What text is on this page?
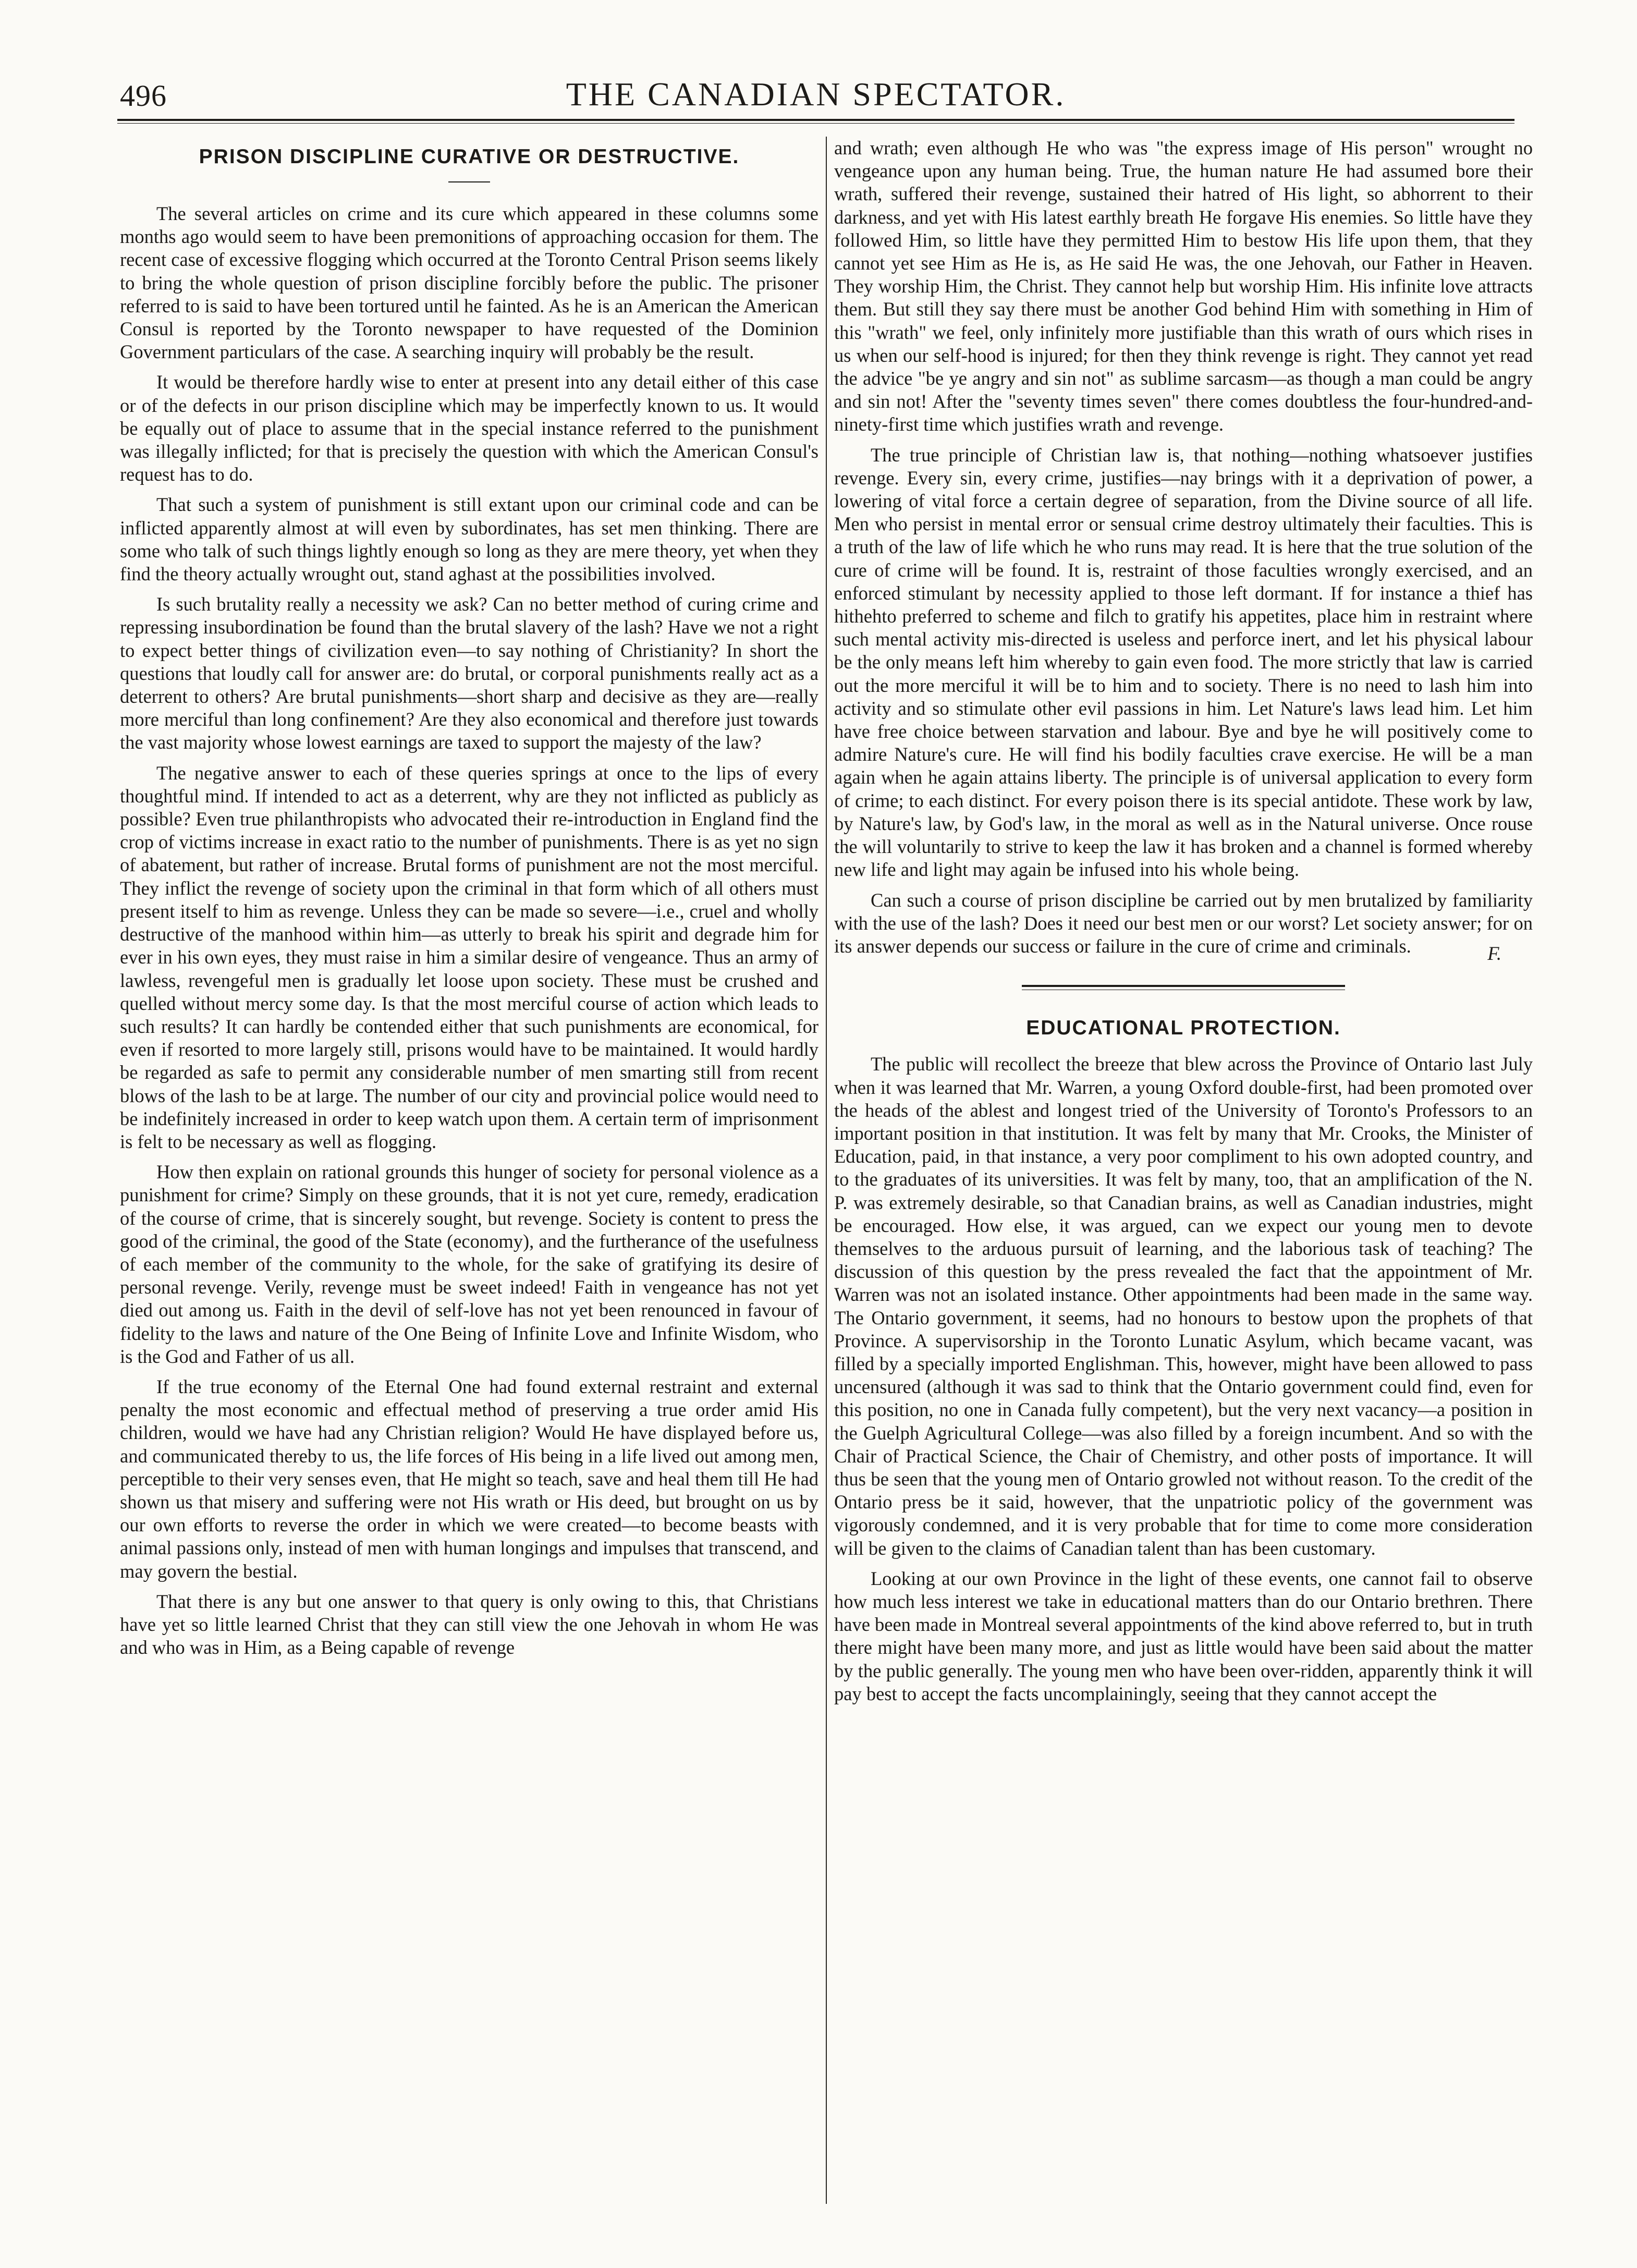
496	THE CANADIAN SPECTATOR.
PRISON DISCIPLINE CURATIVE OR DESTRUCTIVE.

The several articles on crime and its cure which appeared in these columns some months ago would seem to have been premonitions of approaching occasion for them. The recent case of excessive flogging which occurred at the Toronto Central Prison seems likely to bring the whole question of prison discipline forcibly before the public. The prisoner referred to is said to have been tortured until he fainted. As he is an American the American Consul is reported by the Toronto newspaper to have requested of the Dominion Government particulars of the case. A searching inquiry will probably be the result.

It would be therefore hardly wise to enter at present into any detail either of this case or of the defects in our prison discipline which may be imperfectly known to us. It would be equally out of place to assume that in the special instance referred to the punishment was illegally inflicted; for that is precisely the question with which the American Consul's request has to do.

That such a system of punishment is still extant upon our criminal code and can be inflicted apparently almost at will even by subordinates, has set men thinking. There are some who talk of such things lightly enough so long as they are mere theory, yet when they find the theory actually wrought out, stand aghast at the possibilities involved.

Is such brutality really a necessity we ask? Can no better method of curing crime and repressing insubordination be found than the brutal slavery of the lash? Have we not a right to expect better things of civilization even—to say nothing of Christianity? In short the questions that loudly call for answer are: do brutal, or corporal punishments really act as a deterrent to others? Are brutal punishments—short sharp and decisive as they are—really more merciful than long confinement? Are they also economical and therefore just towards the vast majority whose lowest earnings are taxed to support the majesty of the law?

The negative answer to each of these queries springs at once to the lips of every thoughtful mind. If intended to act as a deterrent, why are they not inflicted as publicly as possible? Even true philanthropists who advocated their re-introduction in England find the crop of victims increase in exact ratio to the number of punishments. There is as yet no sign of abatement, but rather of increase. Brutal forms of punishment are not the most merciful. They inflict the revenge of society upon the criminal in that form which of all others must present itself to him as revenge. Unless they can be made so severe—i.e., cruel and wholly destructive of the manhood within him—as utterly to break his spirit and degrade him for ever in his own eyes, they must raise in him a similar desire of vengeance. Thus an army of lawless, revengeful men is gradually let loose upon society. These must be crushed and quelled without mercy some day. Is that the most merciful course of action which leads to such results? It can hardly be contended either that such punishments are economical, for even if resorted to more largely still, prisons would have to be maintained. It would hardly be regarded as safe to permit any considerable number of men smarting still from recent blows of the lash to be at large. The number of our city and provincial police would need to be indefinitely increased in order to keep watch upon them. A certain term of imprisonment is felt to be necessary as well as flogging.

How then explain on rational grounds this hunger of society for personal violence as a punishment for crime? Simply on these grounds, that it is not yet cure, remedy, eradication of the course of crime, that is sincerely sought, but revenge. Society is content to press the good of the criminal, the good of the State (economy), and the furtherance of the usefulness of each member of the community to the whole, for the sake of gratifying its desire of personal revenge. Verily, revenge must be sweet indeed! Faith in vengeance has not yet died out among us. Faith in the devil of self-love has not yet been renounced in favour of fidelity to the laws and nature of the One Being of Infinite Love and Infinite Wisdom, who is the God and Father of us all.

If the true economy of the Eternal One had found external restraint and external penalty the most economic and effectual method of preserving a true order amid His children, would we have had any Christian religion? Would He have displayed before us, and communicated thereby to us, the life forces of His being in a life lived out among men, perceptible to their very senses even, that He might so teach, save and heal them till He had shown us that misery and suffering were not His wrath or His deed, but brought on us by our own efforts to reverse the order in which we were created—to become beasts with animal passions only, instead of men with human longings and impulses that transcend, and may govern the bestial.

That there is any but one answer to that query is only owing to this, that Christians have yet so little learned Christ that they can still view the one Jehovah in whom He was and who was in Him, as a Being capable of revenge

and wrath; even although He who was "the express image of His person" wrought no vengeance upon any human being. True, the human nature He had assumed bore their wrath, suffered their revenge, sustained their hatred of His light, so abhorrent to their darkness, and yet with His latest earthly breath He forgave His enemies. So little have they followed Him, so little have they permitted Him to bestow His life upon them, that they cannot yet see Him as He is, as He said He was, the one Jehovah, our Father in Heaven. They worship Him, the Christ. They cannot help but worship Him. His infinite love attracts them. But still they say there must be another God behind Him with something in Him of this "wrath" we feel, only infinitely more justifiable than this wrath of ours which rises in us when our self-hood is injured; for then they think revenge is right. They cannot yet read the advice "be ye angry and sin not" as sublime sarcasm—as though a man could be angry and sin not! After the "seventy times seven" there comes doubtless the four-hundred-and-ninety-first time which justifies wrath and revenge.

The true principle of Christian law is, that nothing—nothing whatsoever justifies revenge. Every sin, every crime, justifies—nay brings with it a deprivation of power, a lowering of vital force a certain degree of separation, from the Divine source of all life. Men who persist in mental error or sensual crime destroy ultimately their faculties. This is a truth of the law of life which he who runs may read. It is here that the true solution of the cure of crime will be found. It is, restraint of those faculties wrongly exercised, and an enforced stimulant by necessity applied to those left dormant. If for instance a thief has hithehto preferred to scheme and filch to gratify his appetites, place him in restraint where such mental activity mis-directed is useless and perforce inert, and let his physical labour be the only means left him whereby to gain even food. The more strictly that law is carried out the more merciful it will be to him and to society. There is no need to lash him into activity and so stimulate other evil passions in him. Let Nature's laws lead him. Let him have free choice between starvation and labour. Bye and bye he will positively come to admire Nature's cure. He will find his bodily faculties crave exercise. He will be a man again when he again attains liberty. The principle is of universal application to every form of crime; to each distinct. For every poison there is its special antidote. These work by law, by Nature's law, by God's law, in the moral as well as in the Natural universe. Once rouse the will voluntarily to strive to keep the law it has broken and a channel is formed whereby new life and light may again be infused into his whole being.

Can such a course of prison discipline be carried out by men brutalized by familiarity with the use of the lash? Does it need our best men or our worst? Let society answer; for on its answer depends our success or failure in the cure of crime and criminals.	F.
EDUCATIONAL PROTECTION.

The public will recollect the breeze that blew across the Province of Ontario last July when it was learned that Mr. Warren, a young Oxford double-first, had been promoted over the heads of the ablest and longest tried of the University of Toronto's Professors to an important position in that institution. It was felt by many that Mr. Crooks, the Minister of Education, paid, in that instance, a very poor compliment to his own adopted country, and to the graduates of its universities. It was felt by many, too, that an amplification of the N. P. was extremely desirable, so that Canadian brains, as well as Canadian industries, might be encouraged. How else, it was argued, can we expect our young men to devote themselves to the arduous pursuit of learning, and the laborious task of teaching? The discussion of this question by the press revealed the fact that the appointment of Mr. Warren was not an isolated instance. Other appointments had been made in the same way. The Ontario government, it seems, had no honours to bestow upon the prophets of that Province. A supervisorship in the Toronto Lunatic Asylum, which became vacant, was filled by a specially imported Englishman. This, however, might have been allowed to pass uncensured (although it was sad to think that the Ontario government could find, even for this position, no one in Canada fully competent), but the very next vacancy—a position in the Guelph Agricultural College—was also filled by a foreign incumbent. And so with the Chair of Practical Science, the Chair of Chemistry, and other posts of importance. It will thus be seen that the young men of Ontario growled not without reason. To the credit of the Ontario press be it said, however, that the unpatriotic policy of the government was vigorously condemned, and it is very probable that for time to come more consideration will be given to the claims of Canadian talent than has been customary.

Looking at our own Province in the light of these events, one cannot fail to observe how much less interest we take in educational matters than do our Ontario brethren. There have been made in Montreal several appointments of the kind above referred to, but in truth there might have been many more, and just as little would have been said about the matter by the public generally. The young men who have been over-ridden, apparently think it will pay best to accept the facts uncomplainingly, seeing that they cannot accept the
